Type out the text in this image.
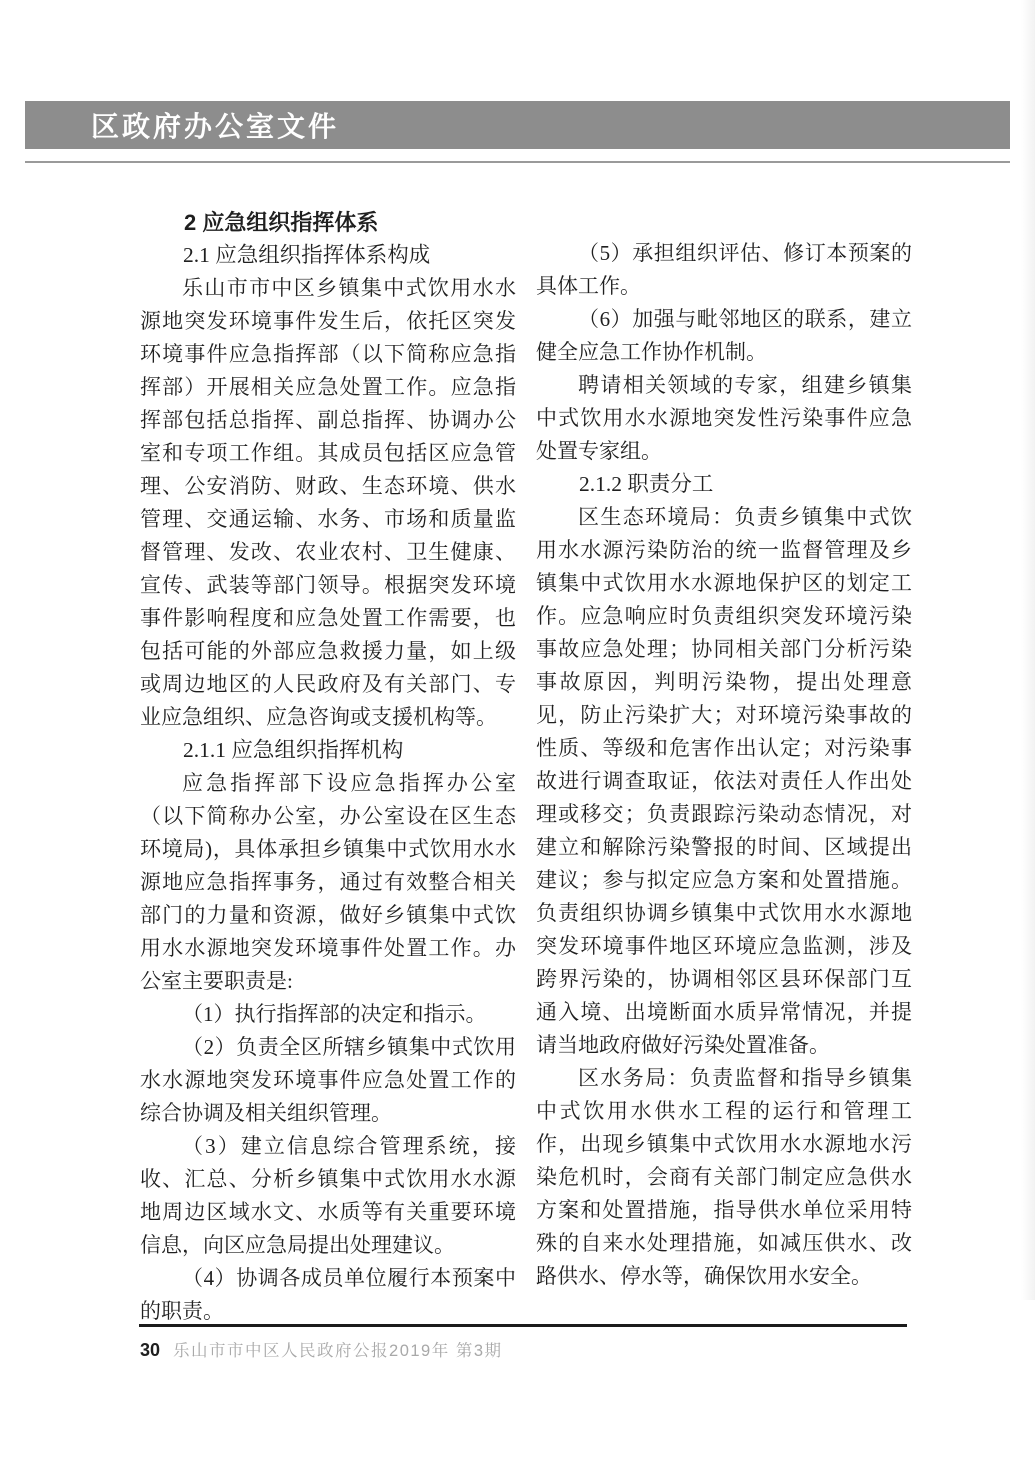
区政府办公室文件

2 应急组织指挥体系

2.1 应急组织指挥体系构成

乐山市市中区乡镇集中式饮用水水源地突发环境事件发生后，依托区突发环境事件应急指挥部（以下简称应急指挥部）开展相关应急处置工作。应急指挥部包括总指挥、副总指挥、协调办公室和专项工作组。其成员包括区应急管理、公安消防、财政、生态环境、供水管理、交通运输、水务、市场和质量监督管理、发改、农业农村、卫生健康、宣传、武装等部门领导。根据突发环境事件影响程度和应急处置工作需要，也包括可能的外部应急救援力量，如上级或周边地区的人民政府及有关部门、专业应急组织、应急咨询或支援机构等。

2.1.1 应急组织指挥机构

应急指挥部下设应急指挥办公室（以下简称办公室，办公室设在区生态环境局)，具体承担乡镇集中式饮用水水源地应急指挥事务，通过有效整合相关部门的力量和资源，做好乡镇集中式饮用水水源地突发环境事件处置工作。办公室主要职责是:

（1）执行指挥部的决定和指示。

（2）负责全区所辖乡镇集中式饮用水水源地突发环境事件应急处置工作的综合协调及相关组织管理。

（3）建立信息综合管理系统，接收、汇总、分析乡镇集中式饮用水水源地周边区域水文、水质等有关重要环境信息，向区应急局提出处理建议。

（4）协调各成员单位履行本预案中的职责。

（5）承担组织评估、修订本预案的具体工作。

（6）加强与毗邻地区的联系，建立健全应急工作协作机制。

聘请相关领域的专家，组建乡镇集中式饮用水水源地突发性污染事件应急处置专家组。

2.1.2 职责分工

区生态环境局：负责乡镇集中式饮用水水源污染防治的统一监督管理及乡镇集中式饮用水水源地保护区的划定工作。应急响应时负责组织突发环境污染事故应急处理；协同相关部门分析污染事故原因，判明污染物，提出处理意见，防止污染扩大；对环境污染事故的性质、等级和危害作出认定；对污染事故进行调查取证，依法对责任人作出处理或移交；负责跟踪污染动态情况，对建立和解除污染警报的时间、区域提出建议；参与拟定应急方案和处置措施。负责组织协调乡镇集中式饮用水水源地突发环境事件地区环境应急监测，涉及跨界污染的，协调相邻区县环保部门互通入境、出境断面水质异常情况，并提请当地政府做好污染处置准备。

区水务局：负责监督和指导乡镇集中式饮用水供水工程的运行和管理工作，出现乡镇集中式饮用水水源地水污染危机时，会商有关部门制定应急供水方案和处置措施，指导供水单位采用特殊的自来水处理措施，如减压供水、改路供水、停水等，确保饮用水安全。

30 乐山市市中区人民政府公报2019年 第3期
